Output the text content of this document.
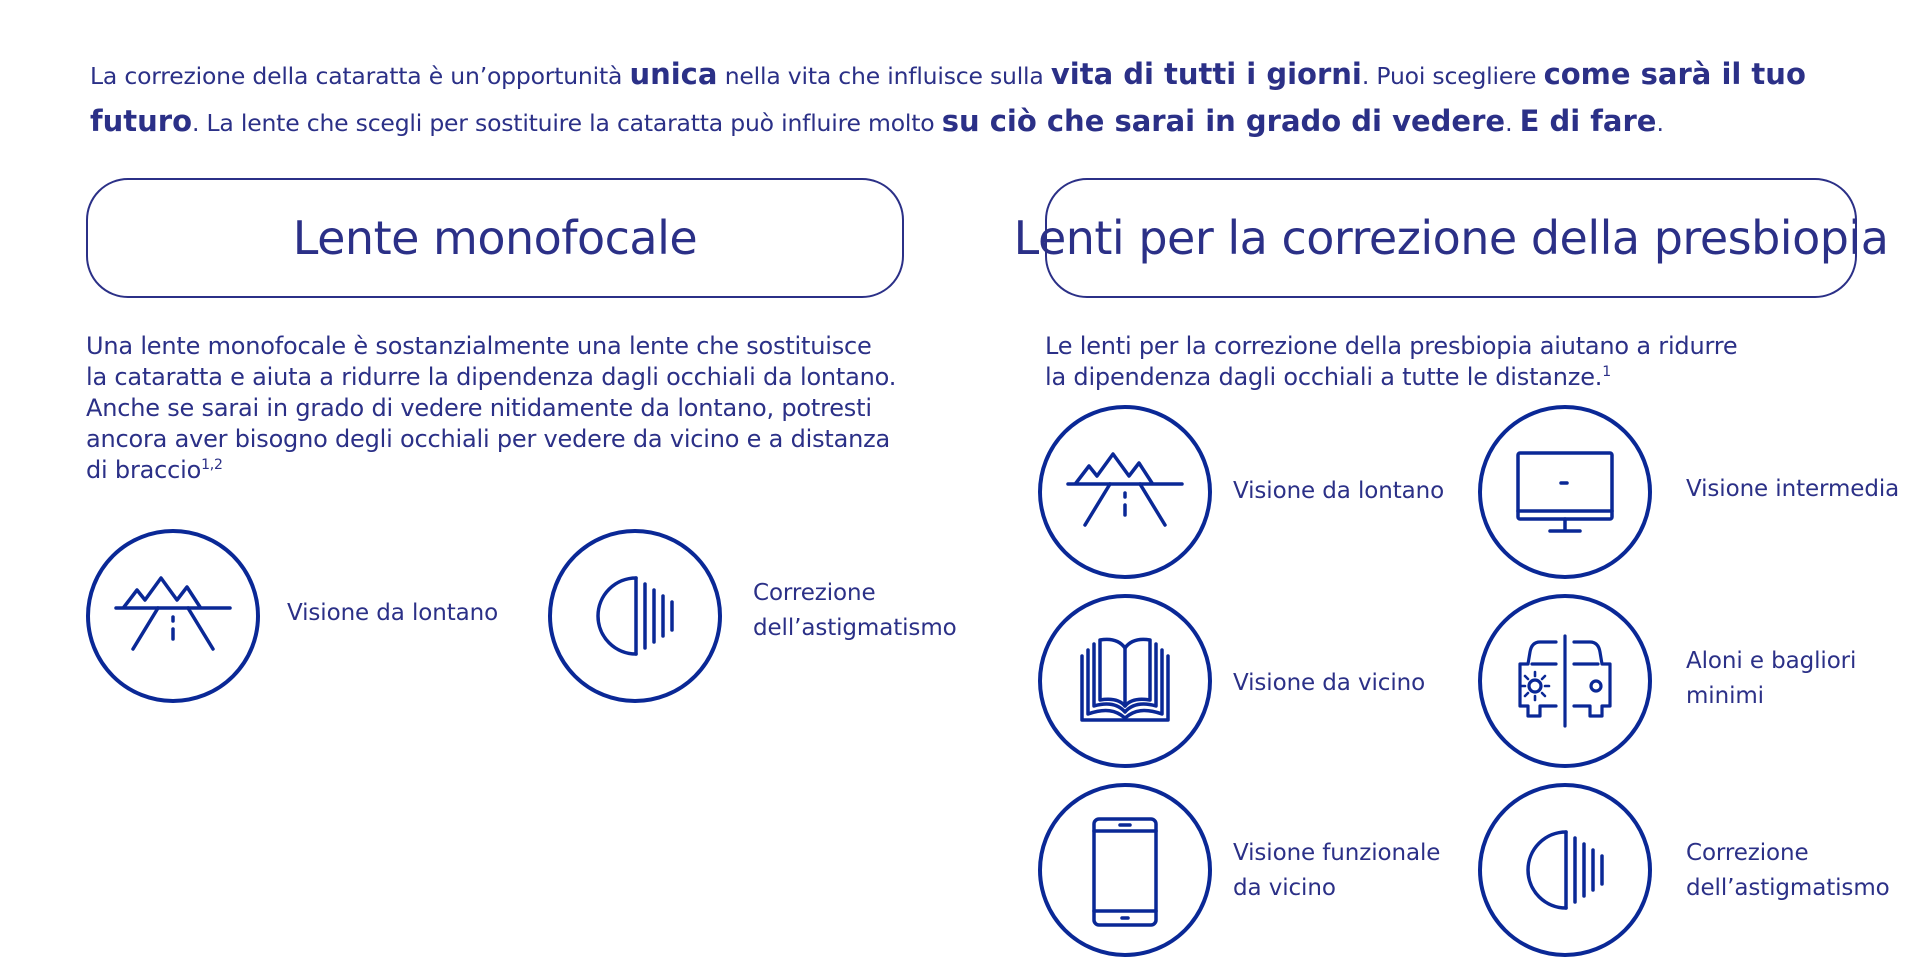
La correzione della cataratta è un’opportunità unica nella vita che influisce sulla vita di tutti i giorni. Puoi scegliere come sarà il tuo futuro. La lente che scegli per sostituire la cataratta può influire molto su ciò che sarai in grado di vedere. E di fare.
Lente monofocale
Una lente monofocale è sostanzialmente una lente che sostituisce
la cataratta e aiuta a ridurre la dipendenza dagli occhiali da lontano.
Anche se sarai in grado di vedere nitidamente da lontano, potresti
ancora aver bisogno degli occhiali per vedere da vicino e a distanza
di braccio$^{1,2}$
Visione da lontano
Correzione
dell’astigmatismo
Lenti per la correzione della presbiopia
Le lenti per la correzione della presbiopia aiutano a ridurre
la dipendenza dagli occhiali a tutte le distanze.$^1$
Visione da lontano	Visione intermedia
Visione da vicino
Aloni e bagliori
minimi
Visione funzionale
da vicino
Correzione
dell’astigmatismo
